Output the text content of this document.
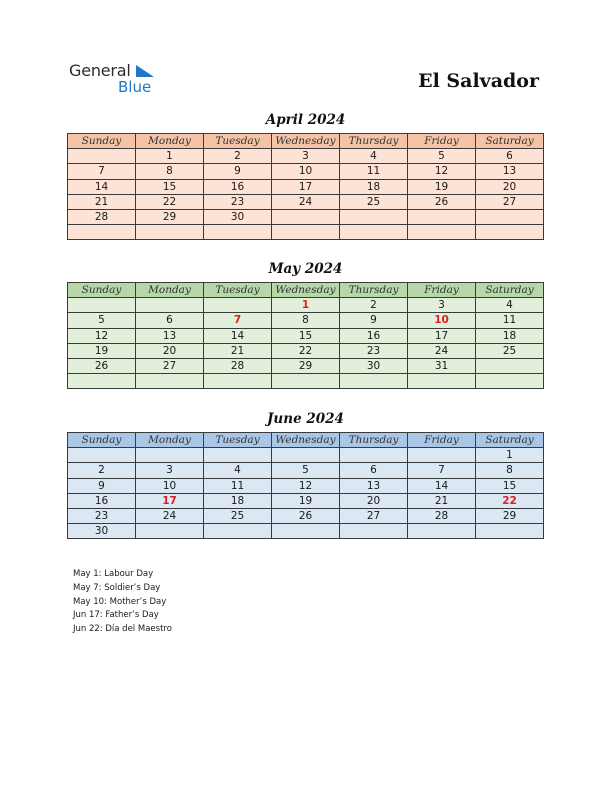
General
Blue	El Salvador
April 2024
Sunday	Monday	Tuesday	Wednesday	Thursday	Friday	Saturday
	1	2	3	4	5	6
7	8	9	10	11	12	13
14	15	16	17	18	19	20
21	22	23	24	25	26	27
28	29	30				

May 2024
Sunday	Monday	Tuesday	Wednesday	Thursday	Friday	Saturday
			1	2	3	4
5	6	7	8	9	10	11
12	13	14	15	16	17	18
19	20	21	22	23	24	25
26	27	28	29	30	31	

June 2024
Sunday	Monday	Tuesday	Wednesday	Thursday	Friday	Saturday
						1
2	3	4	5	6	7	8
9	10	11	12	13	14	15
16	17	18	19	20	21	22
23	24	25	26	27	28	29
30						
May 1: Labour Day
May 7: Soldier’s Day
May 10: Mother’s Day
Jun 17: Father’s Day
Jun 22: Día del Maestro
